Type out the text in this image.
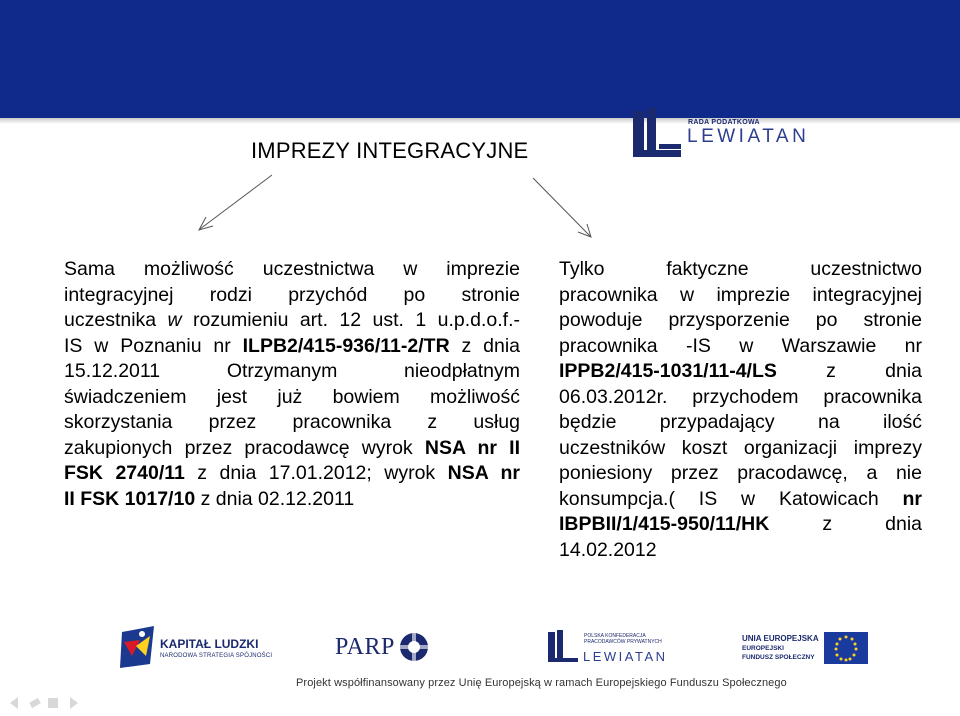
IMPREZY INTEGRACYJNE
Sama możliwość uczestnictwa w imprezie
integracyjnej rodzi przychód po stronie
uczestnika w rozumieniu art. 12 ust. 1 u.p.d.o.f.-
IS w Poznaniu nr ILPB2/415-936/11-2/TR z dnia
15.12.2011 Otrzymanym nieodpłatnym
świadczeniem jest już bowiem możliwość
skorzystania przez pracownika z usług
zakupionych przez pracodawcę wyrok NSA nr II
FSK 2740/11 z dnia 17.01.2012; wyrok NSA nr
II FSK 1017/10 z dnia 02.12.2011
Tylko faktyczne uczestnictwo
pracownika w imprezie integracyjnej
powoduje przysporzenie po stronie
pracownika -IS w Warszawie nr
IPPB2/415-1031/11-4/LS z dnia
06.03.2012r. przychodem pracownika
będzie przypadający na ilość
uczestników koszt organizacji imprezy
poniesiony przez pracodawcę, a nie
konsumpcja.( IS w Katowicach nr
IBPBII/1/415-950/11/HK z dnia
14.02.2012
RADA PODATKOWA
LEWIATAN
KAPITAŁ LUDZKI
NARODOWA STRATEGIA SPÓJNOŚCI	PARP	POLSKA KONFEDERACJA
PRACODAWCÓW PRYWATNYCH
LEWIATAN
UNIA EUROPEJSKA
EUROPEJSKI
FUNDUSZ SPOŁECZNY
Projekt współfinansowany przez Unię Europejską w ramach Europejskiego Funduszu Społecznego
